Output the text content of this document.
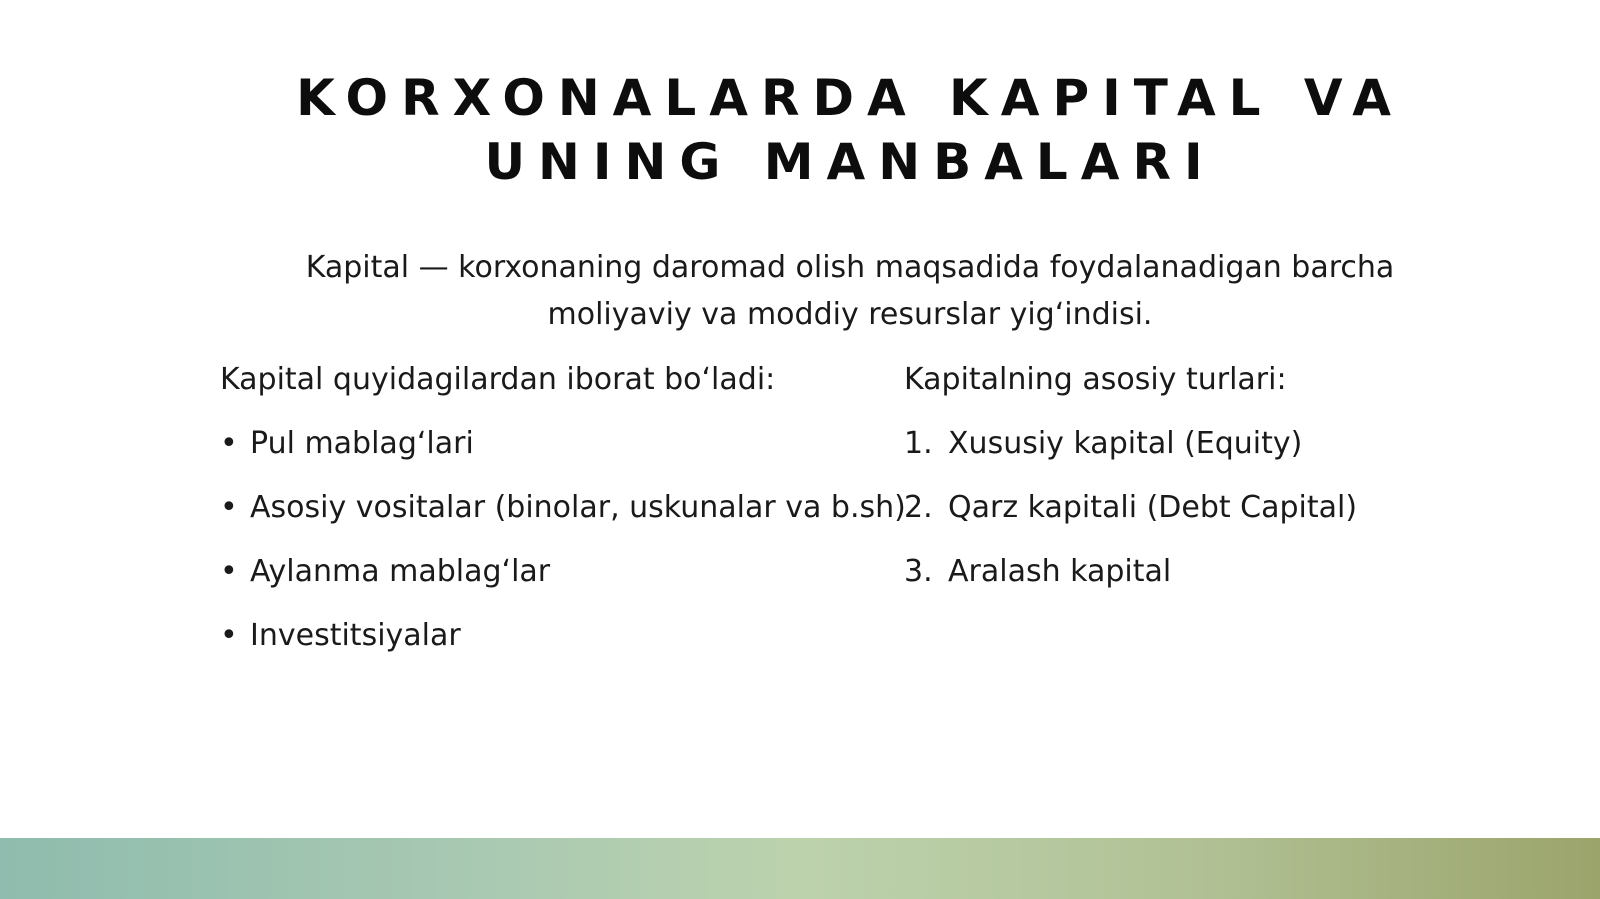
KORXONALARDA KAPITAL VA UNING MANBALARI

Kapital — korxonaning daromad olish maqsadida foydalanadigan barcha moliyaviy va moddiy resurslar yig‘indisi.

Kapital quyidagilardan iborat bo‘ladi:

• Pul mablag‘lari
• Asosiy vositalar (binolar, uskunalar va b.sh)
• Aylanma mablag‘lar
• Investitsiyalar

Kapitalning asosiy turlari:

1. Xususiy kapital (Equity)
2. Qarz kapitali (Debt Capital)
3. Aralash kapital
